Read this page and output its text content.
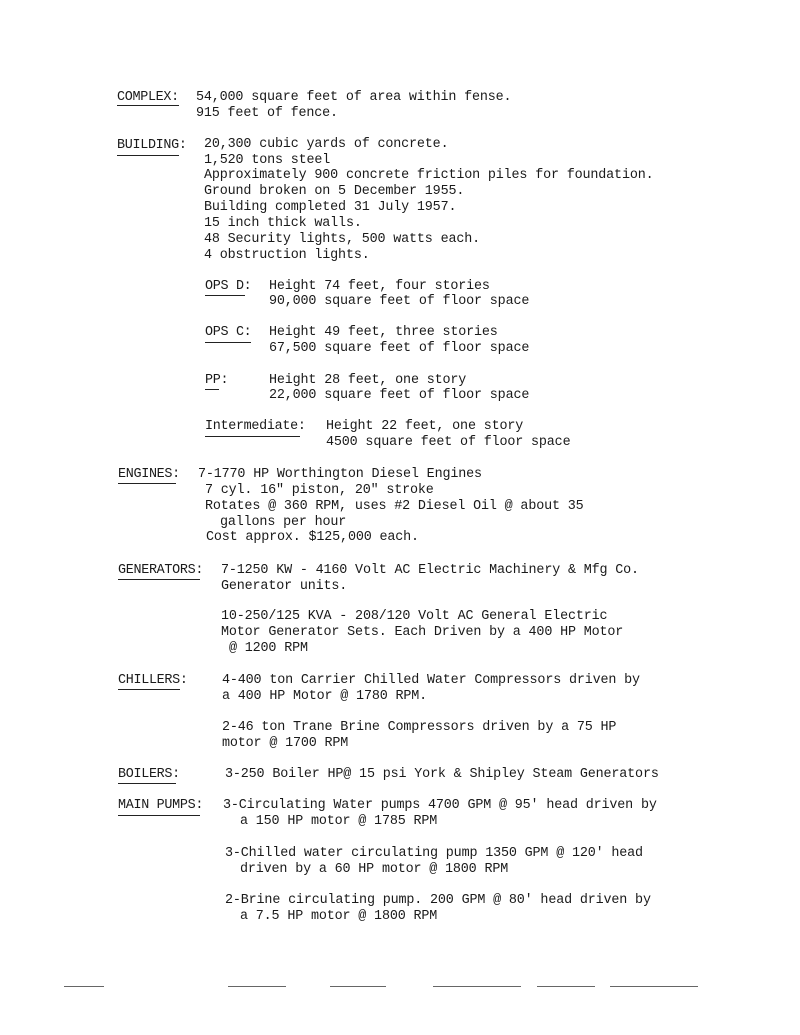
COMPLEX: 54,000 square feet of area within fense.
915 feet of fence.
BUILDING: 20,300 cubic yards of concrete.
1,520 tons steel
Approximately 900 concrete friction piles for foundation.
Ground broken on 5 December 1955.
Building completed 31 July 1957.
15 inch thick walls.
48 Security lights, 500 watts each.
4 obstruction lights.
OPS D: Height 74 feet, four stories
90,000 square feet of floor space
OPS C: Height 49 feet, three stories
67,500 square feet of floor space
PP:	Height 28 feet, one story
22,000 square feet of floor space
Intermediate: Height 22 feet, one story
4500 square feet of floor space
ENGINES: 7-1770 HP Worthington Diesel Engines
7 cyl. 16" piston, 20" stroke
Rotates @ 360 RPM, uses #2 Diesel Oil @ about 35
gallons per hour
Cost approx. $125,000 each.
GENERATORS: 7-1250 KW - 4160 Volt AC Electric Machinery & Mfg Co.
Generator units.
10-250/125 KVA - 208/120 Volt AC General Electric
Motor Generator Sets. Each Driven by a 400 HP Motor
@ 1200 RPM
CHILLERS:	4-400 ton Carrier Chilled Water Compressors driven by
a 400 HP Motor @ 1780 RPM.
2-46 ton Trane Brine Compressors driven by a 75 HP
motor @ 1700 RPM
BOILERS:	3-250 Boiler HP@ 15 psi York & Shipley Steam Generators
MAIN PUMPS: 3-Circulating Water pumps 4700 GPM @ 95' head driven by
a 150 HP motor @ 1785 RPM
3-Chilled water circulating pump 1350 GPM @ 120' head
driven by a 60 HP motor @ 1800 RPM
2-Brine circulating pump. 200 GPM @ 80' head driven by
a 7.5 HP motor @ 1800 RPM
